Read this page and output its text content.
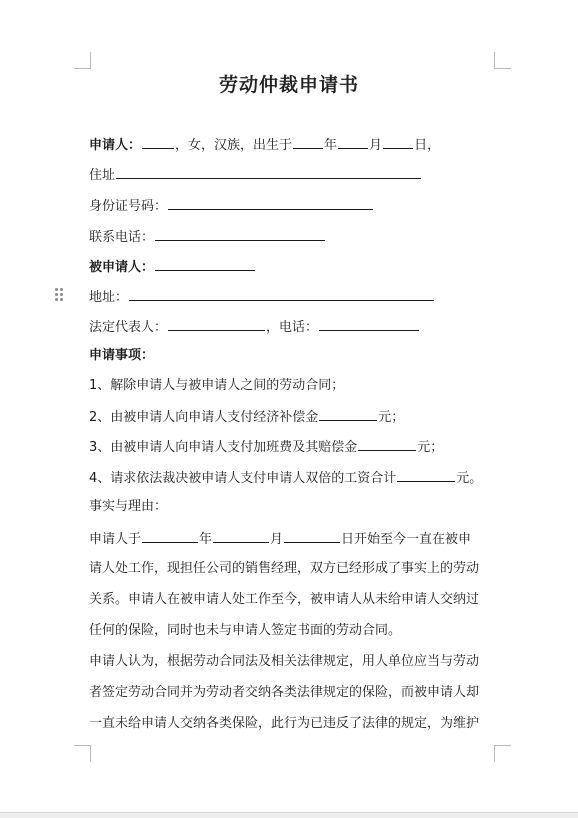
劳动仲裁申请书
申请人：	，女，汉族，出生于 年 月 日，
住址
身份证号码：
联系电话：
被申请人：
地址：
法定代表人：	，电话：
申请事项：
1、解除申请人与被申请人之间的劳动合同；
2、由被申请人向申请人支付经济补偿金	元；
3、由被申请人向申请人支付加班费及其赔偿金	元；
4、请求依法裁决被申请人支付申请人双倍的工资合计	元。
事实与理由：
申请人于	年	月	日开始至今一直在被申
请人处工作，现担任公司的销售经理，双方已经形成了事实上的劳动
关系。申请人在被申请人处工作至今，被申请人从未给申请人交纳过
任何的保险，同时也未与申请人签定书面的劳动合同。
申请人认为，根据劳动合同法及相关法律规定，用人单位应当与劳动
者签定劳动合同并为劳动者交纳各类法律规定的保险，而被申请人却
一直未给申请人交纳各类保险，此行为已违反了法律的规定，为维护
